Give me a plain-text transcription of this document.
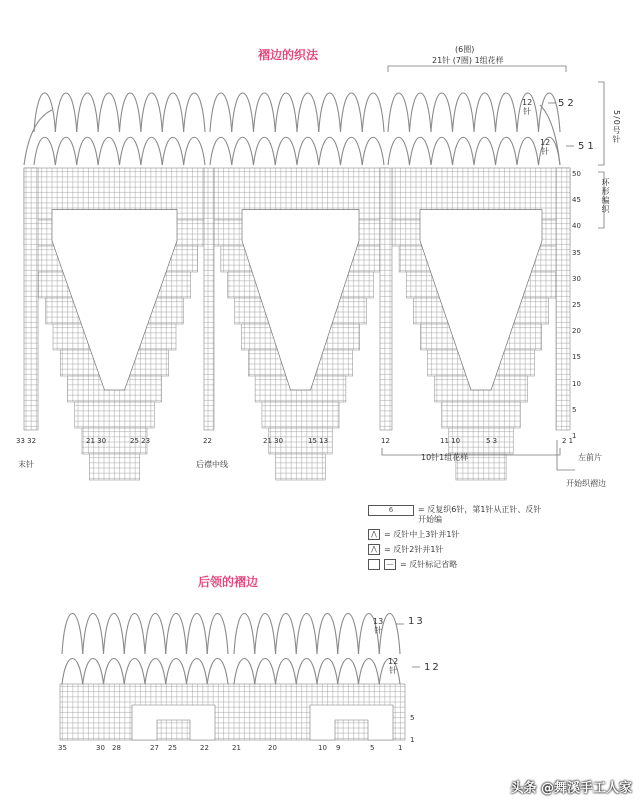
褶边的织法	(6圈)
21针 (7圈) 1组花样
12
针
52
12
针	51
5/0号针
环形编织
50
45
40
35
30
25
20
15
10
5
1
33 32	21 30	25 23	22	21 30	15 13	12	11 10	5 3	2 1
末针	后襟中线
10针1组花样	左前片
开始织褶边
6	= 反复织6针，第1针从正针、反针开始编
⋀ = 反针中上3针并1针
⋀ = 反针2针并1针
— = 反针标记省略
后领的褶边
13
针
13
12
针	12
35	30 28	27 25	22	21	20	10 9	5	1
5
1
头条 @舞溪手工人家
